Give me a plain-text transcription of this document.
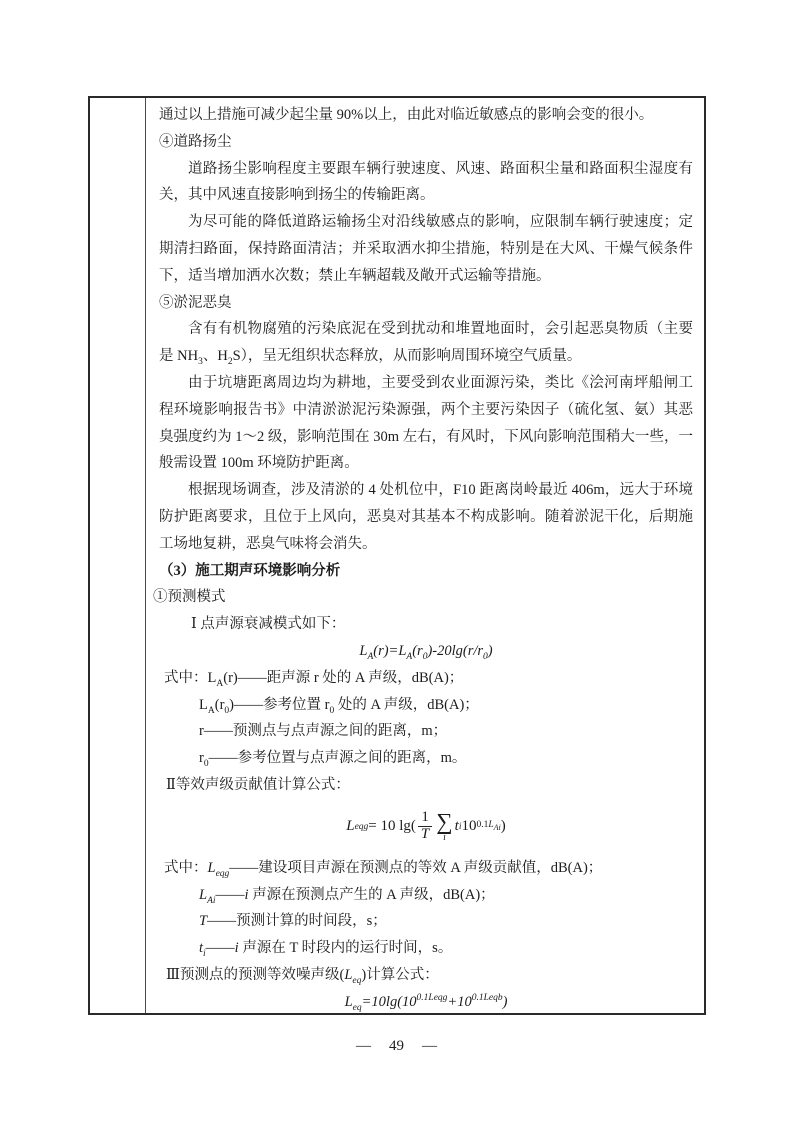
通过以上措施可减少起尘量 90%以上，由此对临近敏感点的影响会变的很小。

④道路扬尘

道路扬尘影响程度主要跟车辆行驶速度、风速、路面积尘量和路面积尘湿度有关，其中风速直接影响到扬尘的传输距离。

为尽可能的降低道路运输扬尘对沿线敏感点的影响，应限制车辆行驶速度；定期清扫路面，保持路面清洁；并采取洒水抑尘措施，特别是在大风、干燥气候条件下，适当增加洒水次数；禁止车辆超载及敞开式运输等措施。

⑤淤泥恶臭

含有有机物腐殖的污染底泥在受到扰动和堆置地面时，会引起恶臭物质（主要是 $NH_3$、$H_2S$），呈无组织状态释放，从而影响周围环境空气质量。

由于坑塘距离周边均为耕地，主要受到农业面源污染，类比《浍河南坪船闸工程环境影响报告书》中清淤淤泥污染源强，两个主要污染因子（硫化氢、氨）其恶臭强度约为 1～2 级，影响范围在 30m 左右，有风时，下风向影响范围稍大一些，一般需设置 100m 环境防护距离。

根据现场调查，涉及清淤的 4 处机位中，F10 距离岗岭最近 406m，远大于环境防护距离要求，且位于上风向，恶臭对其基本不构成影响。随着淤泥干化，后期施工场地复耕，恶臭气味将会消失。

（3）施工期声环境影响分析

①预测模式

Ⅰ 点声源衰减模式如下：

$L_A(r)=L_A(r_0)-20\lg(r/r_0)$

式中：$L_A(r)——$距声源 r 处的 A 声级，dB(A)；

$L_A(r_0)——$参考位置 $r_0$ 处的 A 声级，dB(A)；

r——预测点与点声源之间的距离，m；

$r_0——$参考位置与点声源之间的距离，m。

Ⅱ等效声级贡献值计算公式：

L eqg = 10 $\lg( \frac{1}{T}$ ∑
i
t i 10 $0.1L_{Ai}$ )

式中：$L_{eqg}——$建设项目声源在预测点的等效 A 声级贡献值，dB(A)；

$L_{Ai}——i$ 声源在预测点产生的 A 声级，dB(A)；

T——预测计算的时间段，s；

$t_i——i$ 声源在 T 时段内的运行时间，s。

Ⅲ预测点的预测等效噪声级$(L_{eq})$计算公式：

$L_{eq}=10\lg(10^{0.1Leqg}+10^{0.1Leqb})$

— 49 —
